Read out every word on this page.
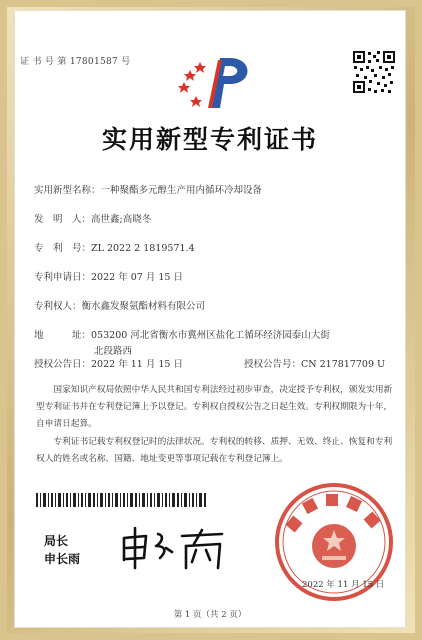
证 书 号 第 17801587 号
实用新型专利证书
实用新型名称：一种聚酯多元醇生产用内循环冷却设备
发　明　人：高世鑫;高晓冬
专　利　号：ZL 2022 2 1819571.4
专利申请日：2022 年 07 月 15 日
专利权人：衡水鑫发聚氨酯材料有限公司
地　　　址：053200 河北省衡水市冀州区盐化工循环经济园泰山大街
北段路西
授权公告日：2022 年 11 月 15 日	授权公告号：CN 217817709 U
国家知识产权局依照中华人民共和国专利法经过初步审查，决定授予专利权，颁发实用新型专利证书并在专利登记簿上予以登记。专利权自授权公告之日起生效。专利权期限为十年，自申请日起算。
专利证书记载专利权登记时的法律状况。专利权的转移、质押、无效、终止、恢复和专利权人的姓名或名称、国籍、地址变更等事项记载在专利登记簿上。
局长
申长雨
2022 年 11 月 15 日
第 1 页（共 2 页）
